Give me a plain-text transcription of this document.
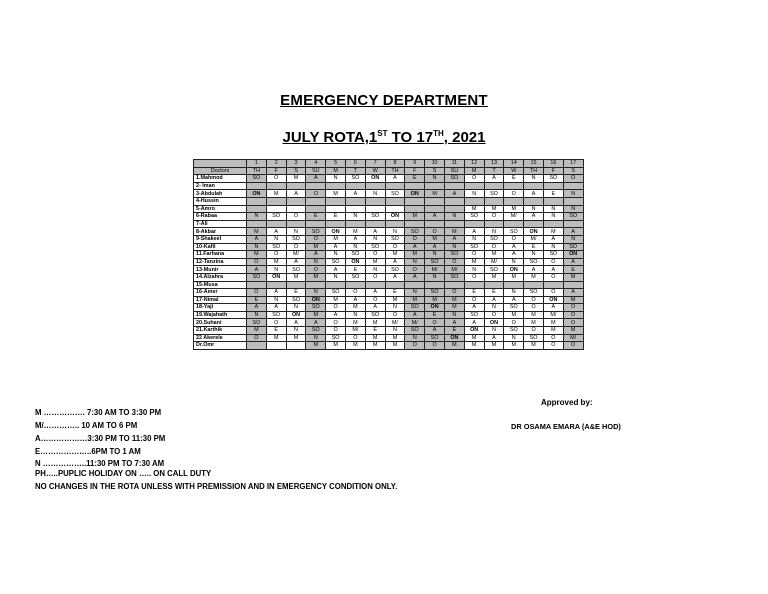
EMERGENCY DEPARTMENT
JULY ROTA,1ST TO 17TH, 2021
	1	2	3	4	5	6	7	8	9	10	11	12	13	14	15	16	17
Doctors	TH	F	S	SU	M	T	W	TH	F	S	SU	M	T	W	TH	F	S
1.Mahmod	SO	O	M	A	N	SO	ON	A	E	N	SO	O	A	E	N	SO	O
2- Iman																	
3-Abdulah	ON	M	A	O	M	A	N	SO	ON	M	A	N	SO	O	A	E	N
4-Hussin																	
5-Amro												M	M	M	N	N	N
6-Rabaa	N	SO	O	E	E	N	SO	ON	M	A	N	SO	O	M/	A	N	SO
7-Ali																	
8-Akbar	M	A	N	SO	ON	M	A	N	SO	O	M	A	N	SO	ON	M	A
9-Shakeel	A	N	SO	O	M	A	N	SO	O	M	A	N	SO	O	M/	A	N
10-Kafil	N	SO	O	M	A	N	SO	O	A	A	N	SO	O	A	E	N	SO
11.Farhana	M	O	M/	A	N	SO	O	M	M	N	SO	O	M	A	N	SO	ON
12-Tanzina	O	M	A	N	SO	ON	M	A	N	SO	O	M	M/	N	SO	O	A
13-Munir	A	N	SO	O	A	E	N	SO	O	M/	M/	N	SO	ON	A	A	E
14.Alzahra	SO	ON	M	M	N	SO	O	A	A	N	SO	O	M	M	M	O	M
15-Musa																	
16-Amer	O	A	E	N	SO	O	A	E	N	SO	O	E	E	N	SO	O	A
17-Nimal	E	N	SO	ON	M	A	O	M	M	M	M	O	A	A	O	ON	M
18-Yaji	A	A	N	SO	O	M	A	N	SO	ON	M	A	N	SO	O	A	O
19.Wajahath	N	SO	ON	M	A	N	SO	O	A	E	N	SO	O	M	M	M/	O
20.Suhani	SO	O	A	A	O	M	M	M/	M/	O	A	A	ON	O	M	M	O
21.Karthik	M	E	N	SO	O	M/	E	N	SO	A	E	ON	N	SO	O	M	M
22 Akerele	O	M	M	N	SO	O	M	M	N	SO	ON	M	A	N	SO	O	M/
Dr.Omr				M	M	M	M	M	O	O	M	M	M	M	M	O	O
Approved by:
DR OSAMA EMARA (A&E HOD)
M ……………. 7:30 AM TO 3:30 PM
M/………….. 10 AM TO 6 PM
A………………3:30 PM TO 11:30 PM
E………………..6PM TO 1 AM
N ……………..11:30 PM TO 7:30 AM
PH…..PUPLIC HOLIDAY ON ….. ON CALL DUTY
NO CHANGES IN THE ROTA UNLESS WITH PREMISSION AND IN EMERGENCY CONDITION ONLY.
